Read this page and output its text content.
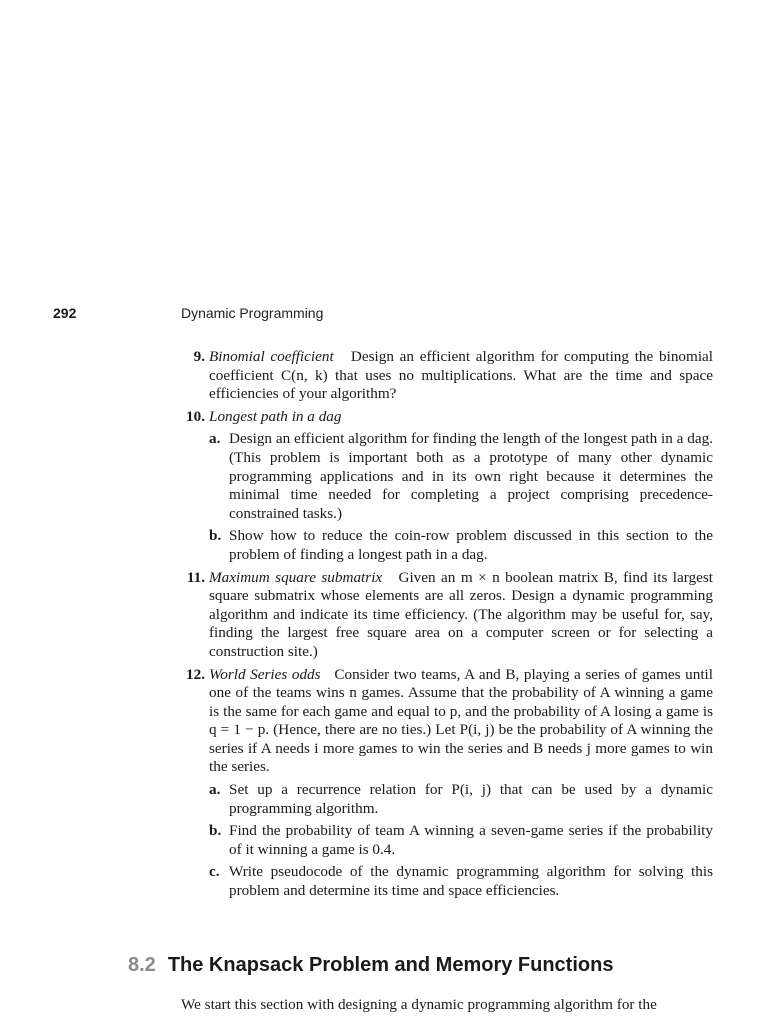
292	Dynamic Programming
9. Binomial coefficient Design an efficient algorithm for computing the binomial coefficient C(n, k) that uses no multiplications. What are the time and space efficiencies of your algorithm?

10. Longest path in a dag

a. Design an efficient algorithm for finding the length of the longest path in a dag. (This problem is important both as a prototype of many other dynamic programming applications and in its own right because it determines the minimal time needed for completing a project comprising precedence-constrained tasks.)

b. Show how to reduce the coin-row problem discussed in this section to the problem of finding a longest path in a dag.

11. Maximum square submatrix Given an m × n boolean matrix B, find its largest square submatrix whose elements are all zeros. Design a dynamic programming algorithm and indicate its time efficiency. (The algorithm may be useful for, say, finding the largest free square area on a computer screen or for selecting a construction site.)

12. World Series odds Consider two teams, A and B, playing a series of games until one of the teams wins n games. Assume that the probability of A winning a game is the same for each game and equal to p, and the probability of A losing a game is q = 1 − p. (Hence, there are no ties.) Let P(i, j) be the probability of A winning the series if A needs i more games to win the series and B needs j more games to win the series.

a. Set up a recurrence relation for P(i, j) that can be used by a dynamic programming algorithm.

b. Find the probability of team A winning a seven-game series if the probability of it winning a game is 0.4.

c. Write pseudocode of the dynamic programming algorithm for solving this problem and determine its time and space efficiencies.

8.2 The Knapsack Problem and Memory Functions

We start this section with designing a dynamic programming algorithm for the
